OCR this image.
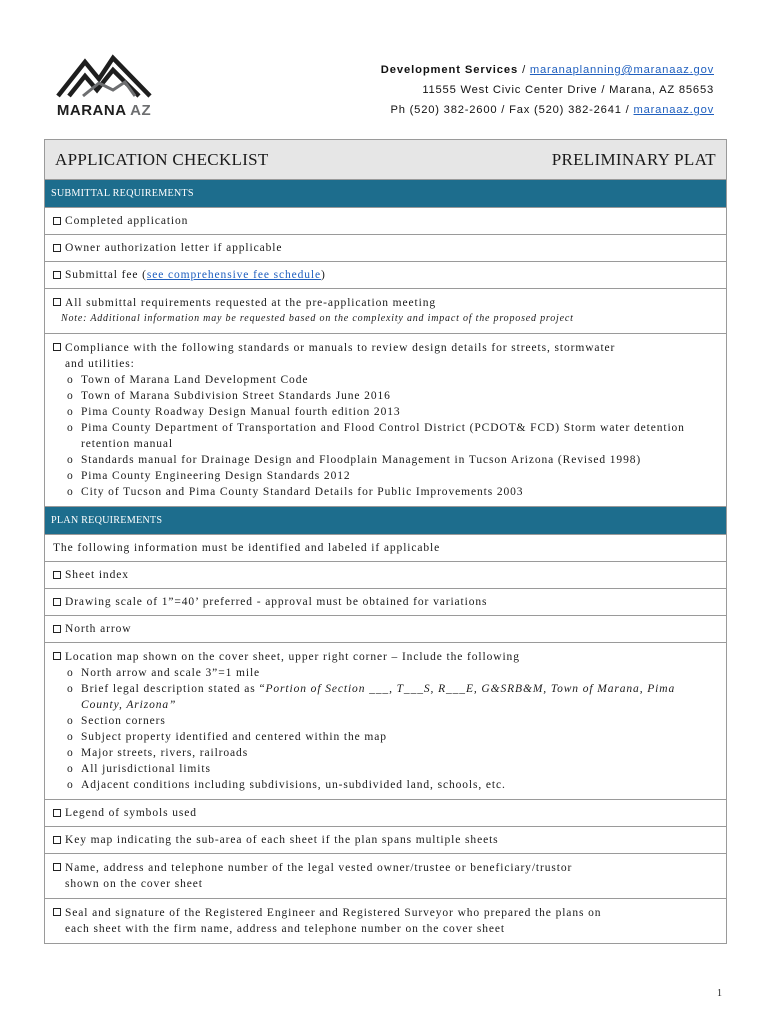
MARANA AZ
Development Services / maranaplanning@maranaaz.gov
11555 West Civic Center Drive / Marana, AZ 85653
Ph (520) 382-2600 / Fax (520) 382-2641 / maranaaz.gov
APPLICATION CHECKLIST	PRELIMINARY PLAT
SUBMITTAL REQUIREMENTS
Completed application
Owner authorization letter if applicable
Submittal fee ( see comprehensive fee schedule )
All submittal requirements requested at the pre-application meeting
Note: Additional information may be requested based on the complexity and impact of the proposed project
Compliance with the following standards or manuals to review design details for streets, stormwater
and utilities:
o Town of Marana Land Development Code
o Town of Marana Subdivision Street Standards June 2016
o Pima County Roadway Design Manual fourth edition 2013
o Pima County Department of Transportation and Flood Control District (PCDOT& FCD) Storm water detention retention manual
o Standards manual for Drainage Design and Floodplain Management in Tucson Arizona (Revised 1998)
o Pima County Engineering Design Standards 2012
o City of Tucson and Pima County Standard Details for Public Improvements 2003
PLAN REQUIREMENTS
The following information must be identified and labeled if applicable
Sheet index
Drawing scale of 1”=40’ preferred - approval must be obtained for variations
North arrow
Location map shown on the cover sheet, upper right corner – Include the following
o North arrow and scale 3”=1 mile
o Brief legal description stated as “Portion of Section ___, T___S, R___E, G&SRB&M, Town of Marana, Pima County, Arizona”
o Section corners
o Subject property identified and centered within the map
o Major streets, rivers, railroads
o All jurisdictional limits
o Adjacent conditions including subdivisions, un-subdivided land, schools, etc.
Legend of symbols used
Key map indicating the sub-area of each sheet if the plan spans multiple sheets
Name, address and telephone number of the legal vested owner/trustee or beneficiary/trustor
shown on the cover sheet
Seal and signature of the Registered Engineer and Registered Surveyor who prepared the plans on
each sheet with the firm name, address and telephone number on the cover sheet
1
